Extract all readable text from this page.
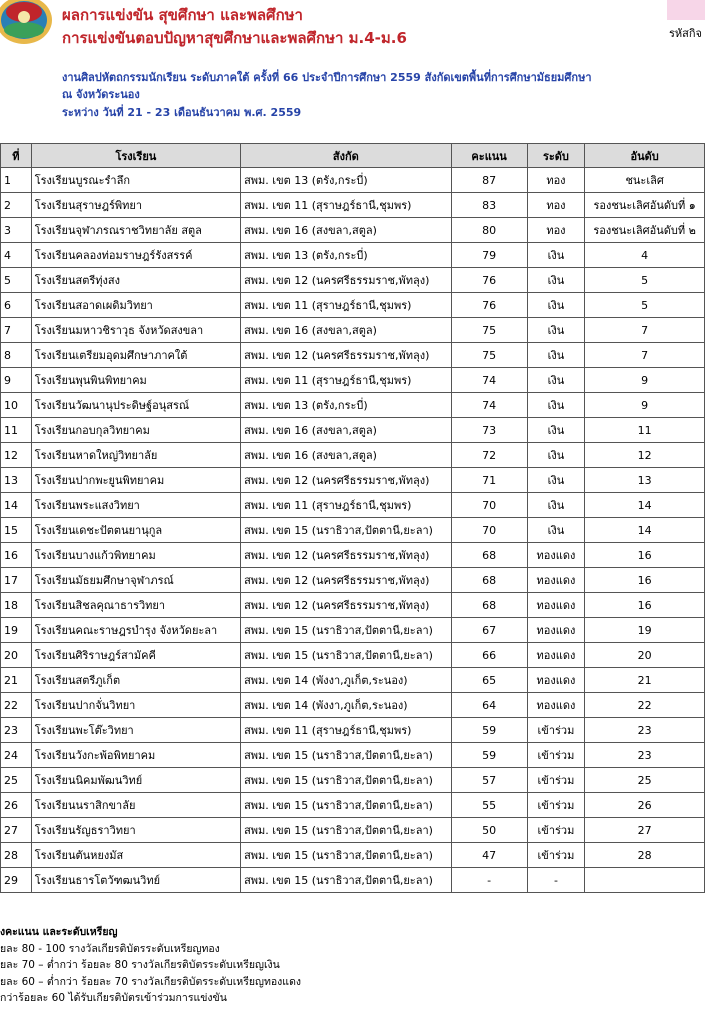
ผลการแข่งขัน สุขศึกษา และพลศึกษา
การแข่งขันตอบปัญหาสุขศึกษาและพลศึกษา ม.4-ม.6	รหัสกิจ
งานศิลปหัตถกรรมนักเรียน ระดับภาคใต้ ครั้งที่ 66 ประจำปีการศึกษา 2559 สังกัดเขตพื้นที่การศึกษามัธยมศึกษา
ณ จังหวัดระนอง
ระหว่าง วันที่ 21 - 23 เดือนธันวาคม พ.ศ. 2559
ที่	โรงเรียน	สังกัด	คะแนน	ระดับ	อันดับ
1	โรงเรียนบูรณะรำลึก	สพม. เขต 13 (ตรัง,กระบี่)	87	ทอง	ชนะเลิศ
2	โรงเรียนสุราษฎร์พิทยา	สพม. เขต 11 (สุราษฎร์ธานี,ชุมพร)	83	ทอง	รองชนะเลิศอันดับที่ ๑
3	โรงเรียนจุฬาภรณราชวิทยาลัย สตูล	สพม. เขต 16 (สงขลา,สตูล)	80	ทอง	รองชนะเลิศอันดับที่ ๒
4	โรงเรียนคลองท่อมราษฎร์รังสรรค์	สพม. เขต 13 (ตรัง,กระบี่)	79	เงิน	4
5	โรงเรียนสตรีทุ่งสง	สพม. เขต 12 (นครศรีธรรมราช,พัทลุง)	76	เงิน	5
6	โรงเรียนสอาดเผดิมวิทยา	สพม. เขต 11 (สุราษฎร์ธานี,ชุมพร)	76	เงิน	5
7	โรงเรียนมหาวชิราวุธ จังหวัดสงขลา	สพม. เขต 16 (สงขลา,สตูล)	75	เงิน	7
8	โรงเรียนเตรียมอุดมศึกษาภาคใต้	สพม. เขต 12 (นครศรีธรรมราช,พัทลุง)	75	เงิน	7
9	โรงเรียนพุนพินพิทยาคม	สพม. เขต 11 (สุราษฎร์ธานี,ชุมพร)	74	เงิน	9
10	โรงเรียนวัฒนานุประดิษฐ์อนุสรณ์	สพม. เขต 13 (ตรัง,กระบี่)	74	เงิน	9
11	โรงเรียนกอบกุลวิทยาคม	สพม. เขต 16 (สงขลา,สตูล)	73	เงิน	11
12	โรงเรียนหาดใหญ่วิทยาลัย	สพม. เขต 16 (สงขลา,สตูล)	72	เงิน	12
13	โรงเรียนปากพะยูนพิทยาคม	สพม. เขต 12 (นครศรีธรรมราช,พัทลุง)	71	เงิน	13
14	โรงเรียนพระแสงวิทยา	สพม. เขต 11 (สุราษฎร์ธานี,ชุมพร)	70	เงิน	14
15	โรงเรียนเดชะปัตตนยานุกูล	สพม. เขต 15 (นราธิวาส,ปัตตานี,ยะลา)	70	เงิน	14
16	โรงเรียนบางแก้วพิทยาคม	สพม. เขต 12 (นครศรีธรรมราช,พัทลุง)	68	ทองแดง	16
17	โรงเรียนมัธยมศึกษาจุฬาภรณ์	สพม. เขต 12 (นครศรีธรรมราช,พัทลุง)	68	ทองแดง	16
18	โรงเรียนสิชลคุณาธารวิทยา	สพม. เขต 12 (นครศรีธรรมราช,พัทลุง)	68	ทองแดง	16
19	โรงเรียนคณะราษฎรบำรุง จังหวัดยะลา	สพม. เขต 15 (นราธิวาส,ปัตตานี,ยะลา)	67	ทองแดง	19
20	โรงเรียนศิริราษฎร์สามัคคี	สพม. เขต 15 (นราธิวาส,ปัตตานี,ยะลา)	66	ทองแดง	20
21	โรงเรียนสตรีภูเก็ต	สพม. เขต 14 (พังงา,ภูเก็ต,ระนอง)	65	ทองแดง	21
22	โรงเรียนปากจั่นวิทยา	สพม. เขต 14 (พังงา,ภูเก็ต,ระนอง)	64	ทองแดง	22
23	โรงเรียนพะโต๊ะวิทยา	สพม. เขต 11 (สุราษฎร์ธานี,ชุมพร)	59	เข้าร่วม	23
24	โรงเรียนวังกะพ้อพิทยาคม	สพม. เขต 15 (นราธิวาส,ปัตตานี,ยะลา)	59	เข้าร่วม	23
25	โรงเรียนนิคมพัฒนวิทย์	สพม. เขต 15 (นราธิวาส,ปัตตานี,ยะลา)	57	เข้าร่วม	25
26	โรงเรียนนราสิกขาลัย	สพม. เขต 15 (นราธิวาส,ปัตตานี,ยะลา)	55	เข้าร่วม	26
27	โรงเรียนรัญธราวิทยา	สพม. เขต 15 (นราธิวาส,ปัตตานี,ยะลา)	50	เข้าร่วม	27
28	โรงเรียนตันหยงมัส	สพม. เขต 15 (นราธิวาส,ปัตตานี,ยะลา)	47	เข้าร่วม	28
29	โรงเรียนธารโตวัฑฒนวิทย์	สพม. เขต 15 (นราธิวาส,ปัตตานี,ยะลา)	-	-	
งคะแนน และระดับเหรียญ
ยละ 80 - 100 รางวัลเกียรติบัตรระดับเหรียญทอง
ยละ 70 – ต่ำกว่า ร้อยละ 80 รางวัลเกียรติบัตรระดับเหรียญเงิน
ยละ 60 – ต่ำกว่า ร้อยละ 70 รางวัลเกียรติบัตรระดับเหรียญทองแดง
กว่าร้อยละ 60 ได้รับเกียรติบัตรเข้าร่วมการแข่งขัน
